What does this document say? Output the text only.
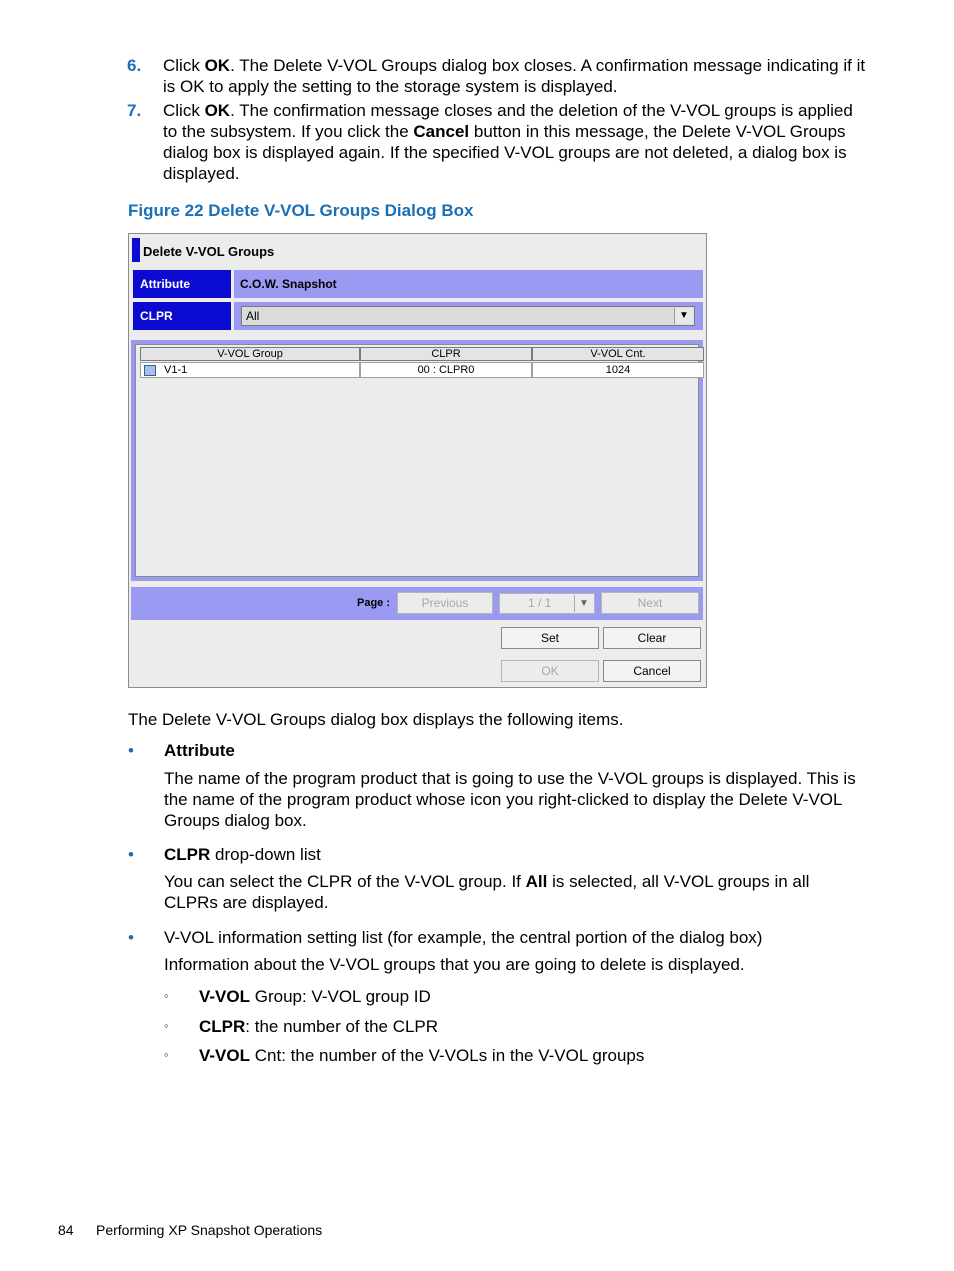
6. Click OK. The Delete V-VOL Groups dialog box closes. A confirmation message indicating if it is OK to apply the setting to the storage system is displayed.
7. Click OK. The confirmation message closes and the deletion of the V-VOL groups is applied to the subsystem. If you click the Cancel button in this message, the Delete V-VOL Groups dialog box is displayed again. If the specified V-VOL groups are not deleted, a dialog box is displayed.
Figure 22 Delete V-VOL Groups Dialog Box
Delete V-VOL Groups
Attribute	C.O.W. Snapshot
CLPR	All	▼
V-VOL Group	CLPR	V-VOL Cnt.
V1-1	00 : CLPR0	1024
Page :	Previous	1 / 1	▼	Next
Set	Clear
OK	Cancel
The Delete V-VOL Groups dialog box displays the following items.
• Attribute
The name of the program product that is going to use the V-VOL groups is displayed. This is the name of the program product whose icon you right-clicked to display the Delete V-VOL Groups dialog box.
• CLPR drop-down list
You can select the CLPR of the V-VOL group. If All is selected, all V-VOL groups in all CLPRs are displayed.
• V-VOL information setting list (for example, the central portion of the dialog box)
Information about the V-VOL groups that you are going to delete is displayed.
◦ V-VOL Group: V-VOL group ID
◦ CLPR: the number of the CLPR
◦ V-VOL Cnt: the number of the V-VOLs in the V-VOL groups
84 Performing XP Snapshot Operations
